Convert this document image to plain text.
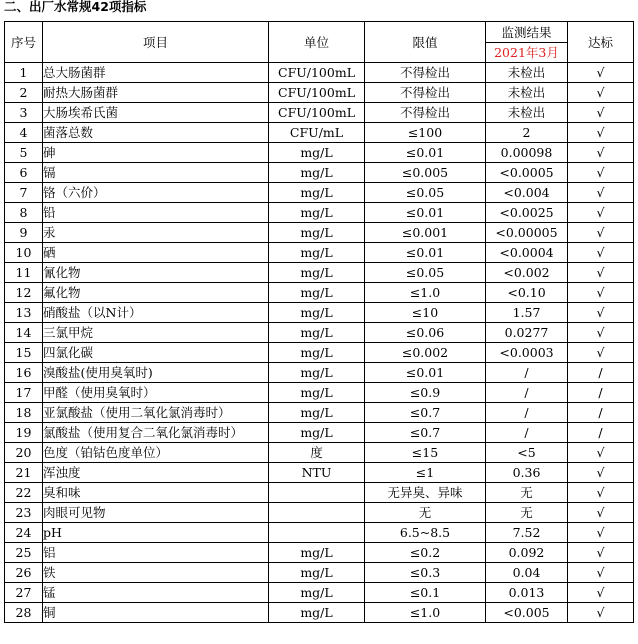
二、出厂水常规42项指标
序号	项目	单位	限值	监测结果	达标
				2021年3月	
1	总大肠菌群	CFU/100mL	不得检出	未检出	√
2	耐热大肠菌群	CFU/100mL	不得检出	未检出	√
3	大肠埃希氏菌	CFU/100mL	不得检出	未检出	√
4	菌落总数	CFU/mL	≤100	2	√
5	砷	mg/L	≤0.01	0.00098	√
6	镉	mg/L	≤0.005	<0.0005	√
7	铬（六价）	mg/L	≤0.05	<0.004	√
8	铅	mg/L	≤0.01	<0.0025	√
9	汞	mg/L	≤0.001	<0.00005	√
10	硒	mg/L	≤0.01	<0.0004	√
11	氰化物	mg/L	≤0.05	<0.002	√
12	氟化物	mg/L	≤1.0	<0.10	√
13	硝酸盐（以N计）	mg/L	≤10	1.57	√
14	三氯甲烷	mg/L	≤0.06	0.0277	√
15	四氯化碳	mg/L	≤0.002	<0.0003	√
16	溴酸盐(使用臭氧时)	mg/L	≤0.01	/	/
17	甲醛（使用臭氧时）	mg/L	≤0.9	/	/
18	亚氯酸盐（使用二氧化氯消毒时）	mg/L	≤0.7	/	/
19	氯酸盐（使用复合二氧化氯消毒时）	mg/L	≤0.7	/	/
20	色度（铂钴色度单位）	度	≤15	<5	√
21	浑浊度	NTU	≤1	0.36	√
22	臭和味		无异臭、异味	无	√
23	肉眼可见物		无	无	√
24	pH		6.5~8.5	7.52	√
25	铝	mg/L	≤0.2	0.092	√
26	铁	mg/L	≤0.3	0.04	√
27	锰	mg/L	≤0.1	0.013	√
28	铜	mg/L	≤1.0	<0.005	√
